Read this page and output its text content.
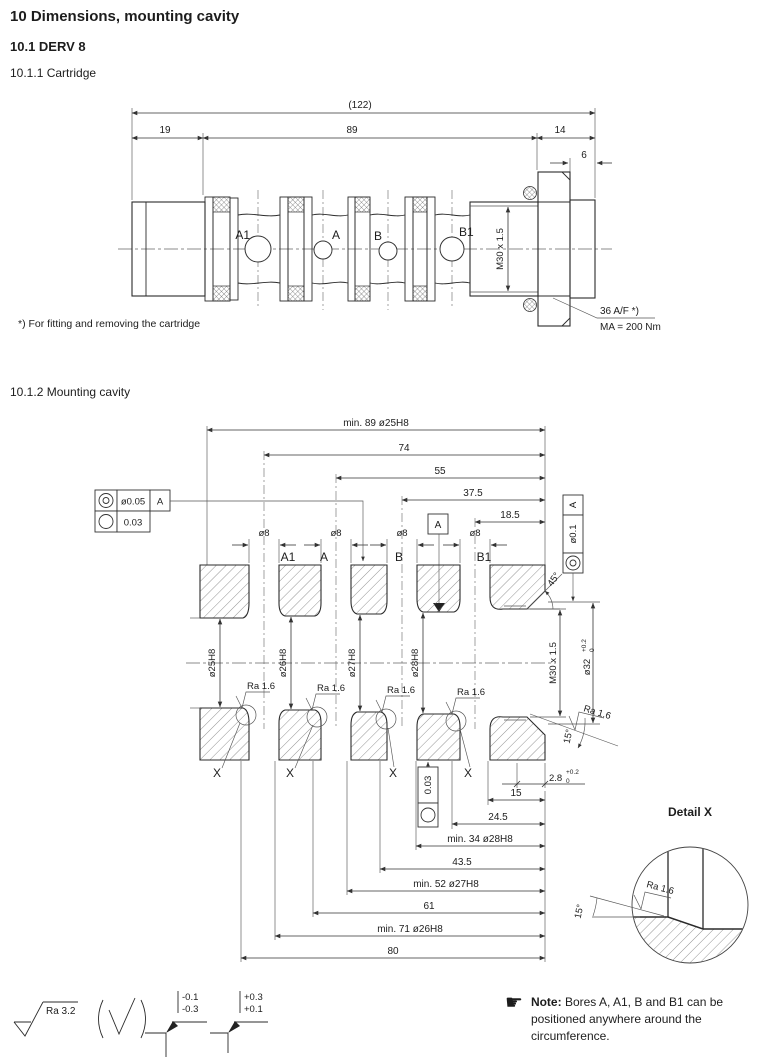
10 Dimensions, mounting cavity
10.1 DERV 8
10.1.1 Cartridge
(122)
19	89	14
6
A1	A	B	B1 M30 x 1.5
36 A/F *)
MA = 200 Nm
*) For fitting and removing the cartridge
10.1.2 Mounting cavity
min. 89 ø25H8
74
55
37.5
18.5
ø8	ø8	ø8	ø8
A1 A	B	B1
ø0.05 A
0.03
A
ø0.1
A
ø25H8	ø26H8	ø27H8	ø28H8
Ra 1.6	Ra 1.6	Ra 1.6	Ra 1.6
45°
M30 x 1.5 ø32
+0.2 0
15°
Ra 1.6
2.8
+0.2
0
X	X	X	X
0.03	15
24.5
min. 34 ø28H8
43.5
min. 52 ø27H8
61
min. 71 ø26H8
80
Detail X
15°
Ra 1.6
Ra 3.2
-0.1
-0.3
+0.3
+0.1	☛ Note: Bores A, A1, B and B1 can be positioned anywhere around the circumference.
